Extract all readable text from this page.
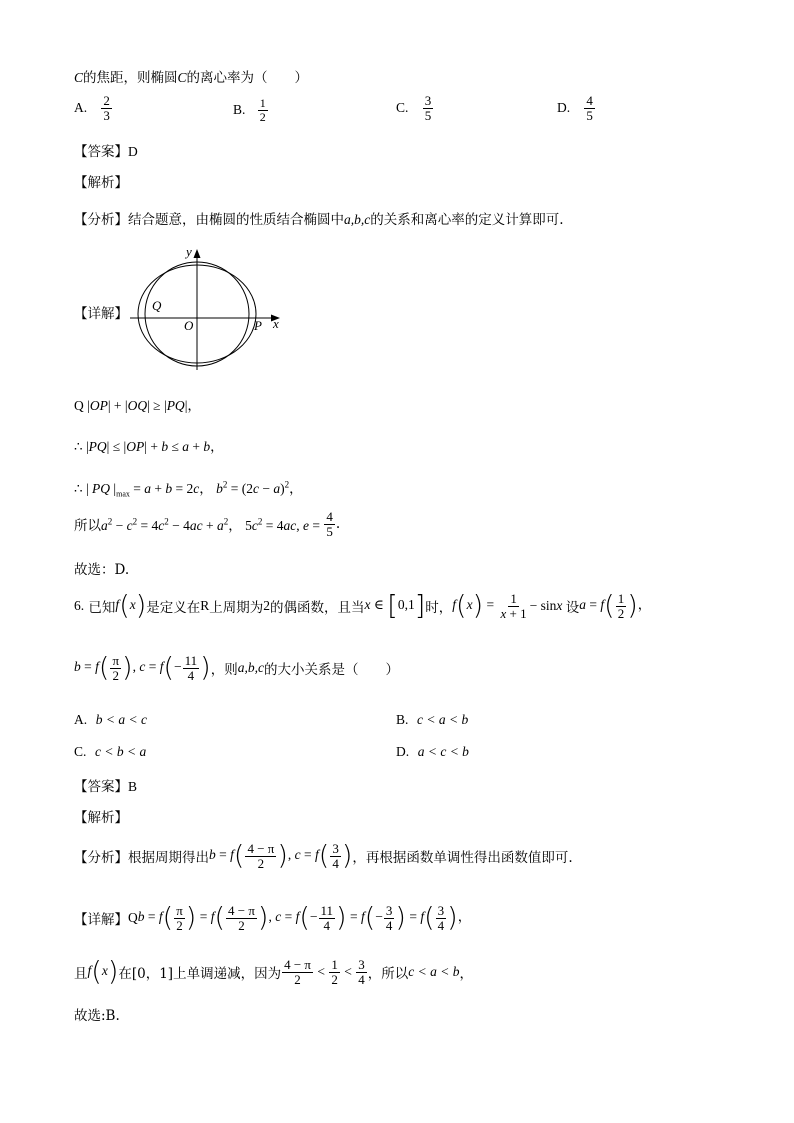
C的焦距，则椭圆C的离心率为（　　）
A. $\frac{2}{3}$	B. $\frac{1}{2}$	C. $\frac{3}{5}$	D. $\frac{4}{5}$
【答案】D
【解析】
【分析】结合题意，由椭圆的性质结合椭圆中a,b,c的关系和离心率的定义计算即可.
【详解】
y
x
Q
O	P
Q |OP| + |OQ| ≥ |PQ|，
∴ |PQ| ≤ |OP| + b ≤ a + b，
∴ | PQ $|_{max} = a + b = 2c$， $b^2 = (2c - a)^2$，
所以$a^2 - c^2 = 4c^2 - 4ac + a^2$， $5c^2 = 4ac$, $e = \frac{4}{5}$ .
故选：D.
6. 已知f(x)是定义在R上周期为2的偶函数，且当x ∈ [0,1]时，$f(x) = \frac{1}{x + 1} - \sin x$ 设$a = f( \frac{1}{2}$ )，
$b = f( \frac{\pi}{2}$ ), $c = f(- \frac{11}{4}$ )，则a,b,c的大小关系是（　　）
A. b < a < c	B. c < a < b
C. c < b < a	D. a < c < b
【答案】B
【解析】
【分析】根据周期得出$b = f( \frac{4 - \pi}{2}$ ), $c = f( \frac{3}{4}$ )，再根据函数单调性得出函数值即可.
【详解】$Qb = f( \frac{\pi}{2}$ ) = $f( \frac{4 - \pi}{2}$ ), $c = f(- \frac{11}{4}$ ) = $f(- \frac{3}{4}$ ) = $f( \frac{3}{4}$ )，
且f(x)在[0，1]上单调递减，因为 $\frac{4 - \pi}{2} < \frac{1}{2} < \frac{3}{4}$ ，所以c < a < b，
故选:B.
